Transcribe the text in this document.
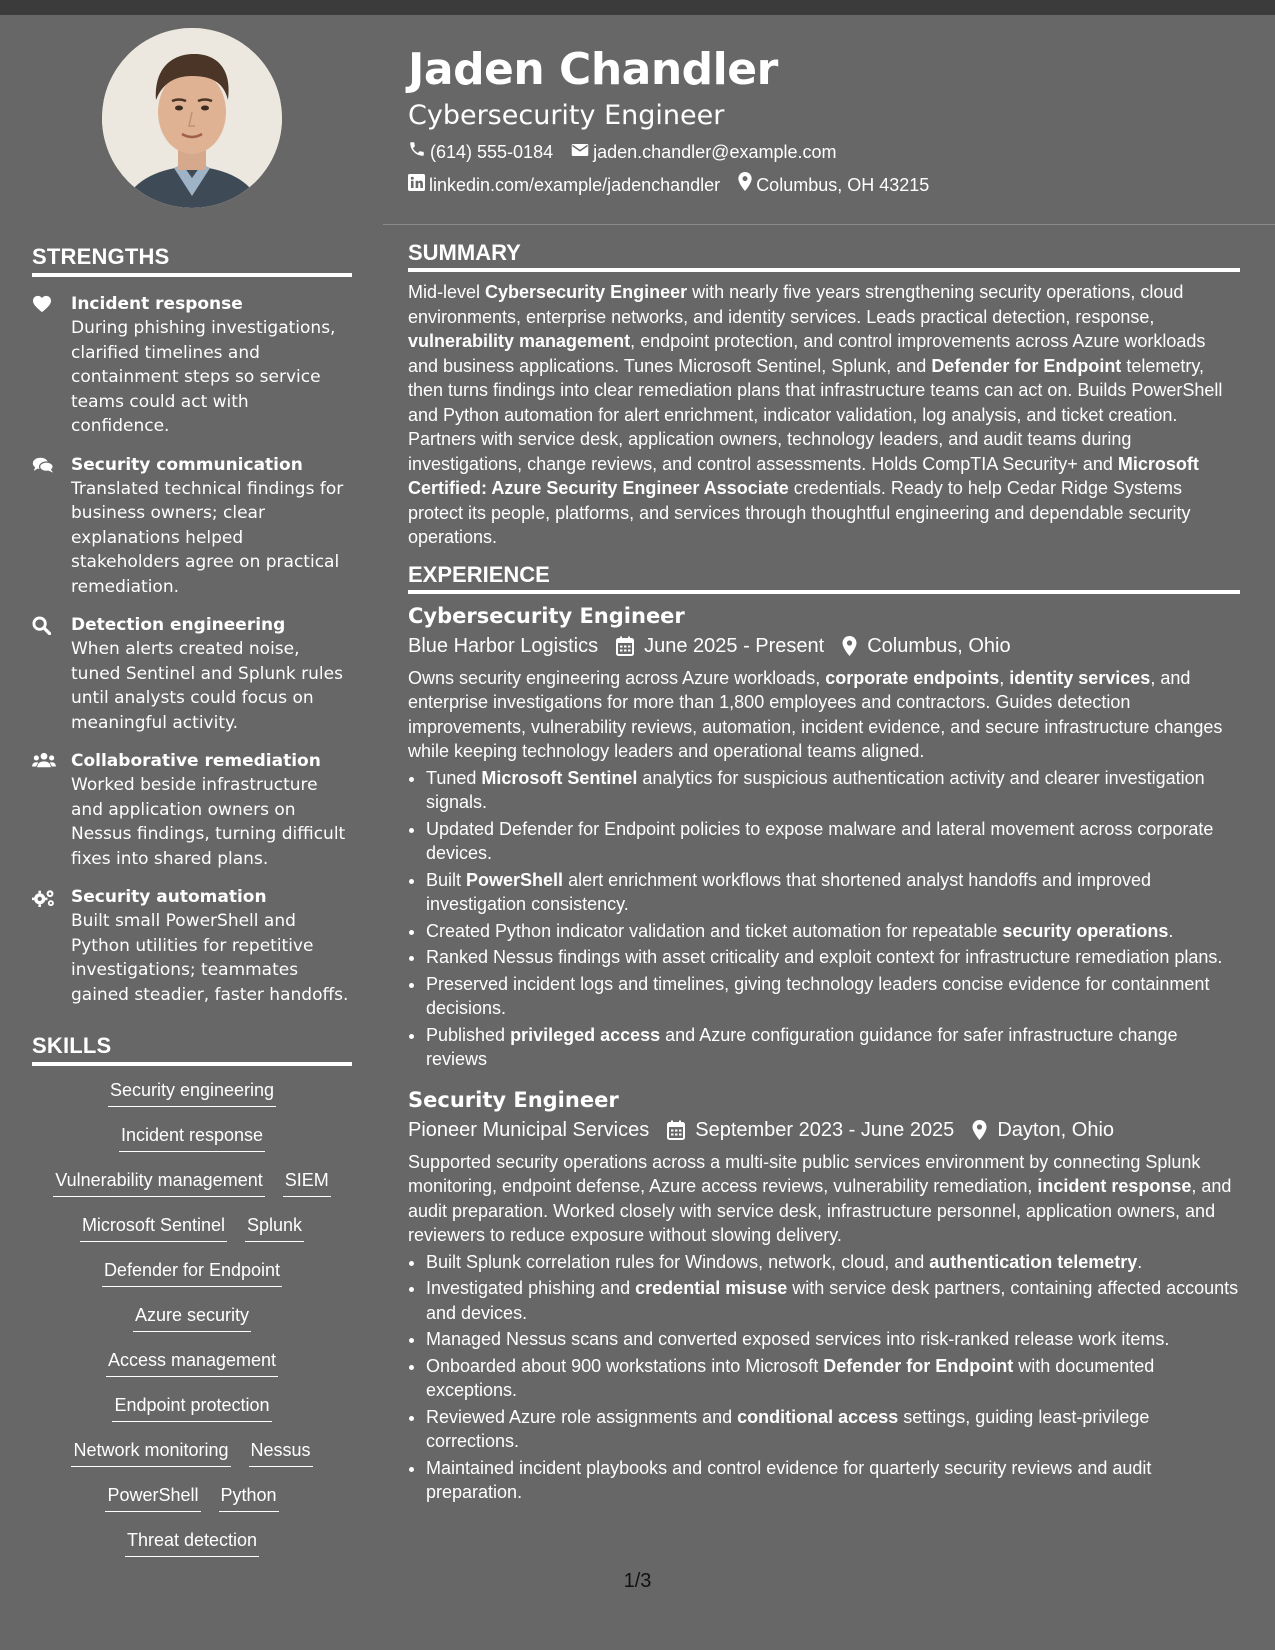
STRENGTHS
Incident response
During phishing investigations, clarified timelines and containment steps so service teams could act with confidence.
Security communication
Translated technical findings for business owners; clear explanations helped stakeholders agree on practical remediation.
Detection engineering
When alerts created noise, tuned Sentinel and Splunk rules until analysts could focus on meaningful activity.
Collaborative remediation
Worked beside infrastructure and application owners on Nessus findings, turning difficult fixes into shared plans.
Security automation
Built small PowerShell and Python utilities for repetitive investigations; teammates gained steadier, faster handoffs.
SKILLS
Security engineering
Incident response
Vulnerability management SIEM
Microsoft Sentinel Splunk
Defender for Endpoint
Azure security
Access management
Endpoint protection
Network monitoring Nessus
PowerShell Python
Threat detection
Jaden Chandler
Cybersecurity Engineer
(614) 555-0184 jaden.chandler@example.com
linkedin.com/example/jadenchandler Columbus, OH 43215
SUMMARY
Mid-level Cybersecurity Engineer with nearly five years strengthening security operations, cloud environments, enterprise networks, and identity services. Leads practical detection, response, vulnerability management, endpoint protection, and control improvements across Azure workloads and business applications. Tunes Microsoft Sentinel, Splunk, and Defender for Endpoint telemetry, then turns findings into clear remediation plans that infrastructure teams can act on. Builds PowerShell and Python automation for alert enrichment, indicator validation, log analysis, and ticket creation. Partners with service desk, application owners, technology leaders, and audit teams during investigations, change reviews, and control assessments. Holds CompTIA Security+ and Microsoft Certified: Azure Security Engineer Associate credentials. Ready to help Cedar Ridge Systems protect its people, platforms, and services through thoughtful engineering and dependable security operations.
EXPERIENCE
Cybersecurity Engineer
Blue Harbor Logistics June 2025 - Present Columbus, Ohio
Owns security engineering across Azure workloads, corporate endpoints, identity services, and enterprise investigations for more than 1,800 employees and contractors. Guides detection improvements, vulnerability reviews, automation, incident evidence, and secure infrastructure changes while keeping technology leaders and operational teams aligned.
• Tuned Microsoft Sentinel analytics for suspicious authentication activity and clearer investigation signals.
• Updated Defender for Endpoint policies to expose malware and lateral movement across corporate devices.
• Built PowerShell alert enrichment workflows that shortened analyst handoffs and improved investigation consistency.
• Created Python indicator validation and ticket automation for repeatable security operations.
• Ranked Nessus findings with asset criticality and exploit context for infrastructure remediation plans.
• Preserved incident logs and timelines, giving technology leaders concise evidence for containment decisions.
• Published privileged access and Azure configuration guidance for safer infrastructure change reviews
Security Engineer
Pioneer Municipal Services September 2023 - June 2025 Dayton, Ohio
Supported security operations across a multi-site public services environment by connecting Splunk monitoring, endpoint defense, Azure access reviews, vulnerability remediation, incident response, and audit preparation. Worked closely with service desk, infrastructure personnel, application owners, and reviewers to reduce exposure without slowing delivery.
• Built Splunk correlation rules for Windows, network, cloud, and authentication telemetry.
• Investigated phishing and credential misuse with service desk partners, containing affected accounts and devices.
• Managed Nessus scans and converted exposed services into risk-ranked release work items.
• Onboarded about 900 workstations into Microsoft Defender for Endpoint with documented exceptions.
• Reviewed Azure role assignments and conditional access settings, guiding least-privilege corrections.
• Maintained incident playbooks and control evidence for quarterly security reviews and audit preparation.
1/3
